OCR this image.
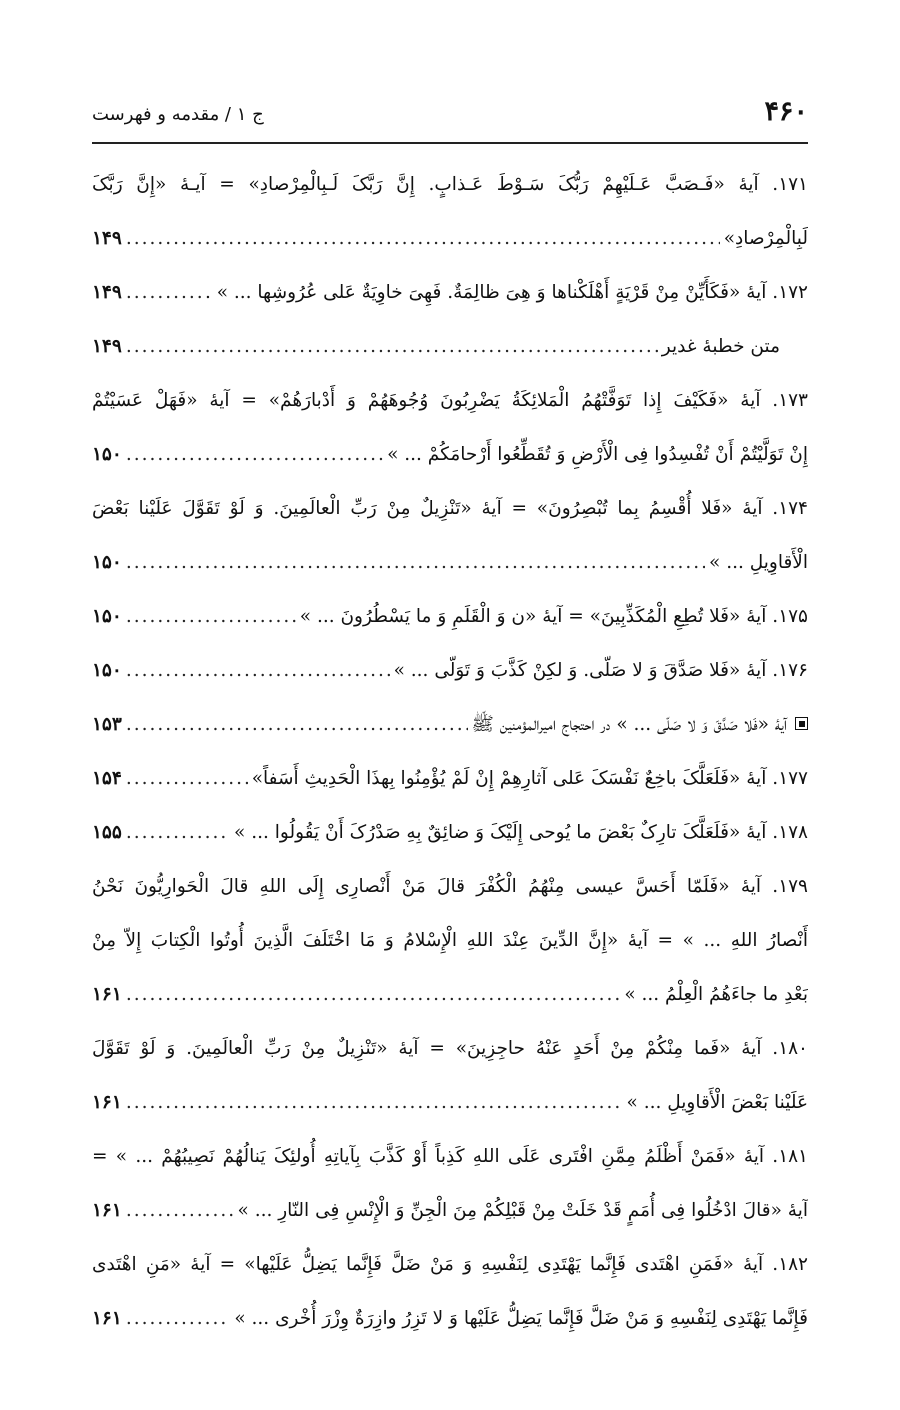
۴۶۰
ج ۱ / مقدمه و فهرست
۱۷۱. آیهٔ «فَـصَبَّ عَـلَیْهِمْ رَبُّکَ سَـوْطَ عَـذابٍ. إِنَّ رَبَّکَ لَـبِالْمِرْصادِ» = آیـهٔ «إِنَّ رَبَّکَ
لَبِالْمِرْصادِ»
.....
۱۴۹
۱۷۲. آیهٔ «فَکَأَیِّنْ مِنْ قَرْیَةٍ أَهْلَکْناها وَ هِیَ ظالِمَةٌ. فَهِیَ خاوِیَةٌ عَلی عُرُوشِها ... » .
.....
۱۴۹
متن خطبهٔ غدیر
.....
۱۴۹
۱۷۳. آیهٔ «فَکَیْفَ إِذا تَوَفَّتْهُمُ الْمَلائِکَةُ یَضْرِبُونَ وُجُوهَهُمْ وَ أَدْبارَهُمْ» = آیهٔ «فَهَلْ عَسَیْتُمْ
إِنْ تَوَلَّیْتُمْ أَنْ تُفْسِدُوا فِی الْأَرْضِ وَ تُقَطِّعُوا أَرْحامَکُمْ ... »
.....
۱۵۰
۱۷۴. آیهٔ «فَلا أُقْسِمُ بِما تُبْصِرُونَ» = آیهٔ «تَنْزِیلٌ مِنْ رَبِّ الْعالَمِینَ. وَ لَوْ تَقَوَّلَ عَلَیْنا بَعْضَ
الْأَقاوِیلِ ... »
.....
۱۵۰
۱۷۵. آیهٔ «فَلا تُطِعِ الْمُکَذِّبِینَ» = آیهٔ «ن وَ الْقَلَمِ وَ ما یَسْطُرُونَ ... »
.....
۱۵۰
۱۷۶. آیهٔ «فَلا صَدَّقَ وَ لا صَلّی. وَ لکِنْ کَذَّبَ وَ تَوَلّی ... »
.....
۱۵۰
آیهٔ «فَلا صَدَّقَ وَ لا صَلّی ... » در احتجاج امیرالمؤمنین ﷺ
.....
۱۵۳
۱۷۷. آیهٔ «فَلَعَلَّکَ باخِعٌ نَفْسَکَ عَلی آثارِهِمْ إِنْ لَمْ یُؤْمِنُوا بِهذَا الْحَدِیثِ أَسَفاً»
.....
۱۵۴
۱۷۸. آیهٔ «فَلَعَلَّکَ تارِکٌ بَعْضَ ما یُوحی إِلَیْکَ وَ ضائِقٌ بِهِ صَدْرُکَ أَنْ یَقُولُوا ... »
.....
۱۵۵
۱۷۹. آیهٔ «فَلَمّا أَحَسَّ عیسی مِنْهُمُ الْکُفْرَ قالَ مَنْ أَنْصارِی إِلَی اللهِ قالَ الْحَوارِیُّونَ نَحْنُ
أَنْصارُ اللهِ ... » = آیهٔ «إِنَّ الدِّینَ عِنْدَ اللهِ الْإِسْلامُ وَ مَا اخْتَلَفَ الَّذِینَ أُوتُوا الْکِتابَ إِلاّ مِنْ
بَعْدِ ما جاءَهُمُ الْعِلْمُ ... »
.....
۱۶۱
۱۸۰. آیهٔ «فَما مِنْکُمْ مِنْ أَحَدٍ عَنْهُ حاجِزِینَ» = آیهٔ «تَنْزِیلٌ مِنْ رَبِّ الْعالَمِینَ. وَ لَوْ تَقَوَّلَ
عَلَیْنا بَعْضَ الْأَقاوِیلِ ... »
.....
۱۶۱
۱۸۱. آیهٔ «فَمَنْ أَظْلَمُ مِمَّنِ افْتَری عَلَی اللهِ کَذِباً أَوْ کَذَّبَ بِآیاتِهِ أُولئِکَ یَنالُهُمْ نَصِیبُهُمْ ... » =
آیهٔ «قالَ ادْخُلُوا فِی أُمَمٍ قَدْ خَلَتْ مِنْ قَبْلِکُمْ مِنَ الْجِنِّ وَ الْإِنْسِ فِی النّارِ ... »
.....
۱۶۱
۱۸۲. آیهٔ «فَمَنِ اهْتَدی فَإِنَّما یَهْتَدِی لِنَفْسِهِ وَ مَنْ ضَلَّ فَإِنَّما یَضِلُّ عَلَیْها» = آیهٔ «مَنِ اهْتَدی
فَإِنَّما یَهْتَدِی لِنَفْسِهِ وَ مَنْ ضَلَّ فَإِنَّما یَضِلُّ عَلَیْها وَ لا تَزِرُ وازِرَةٌ وِزْرَ أُخْری ... »
.....
۱۶۱
